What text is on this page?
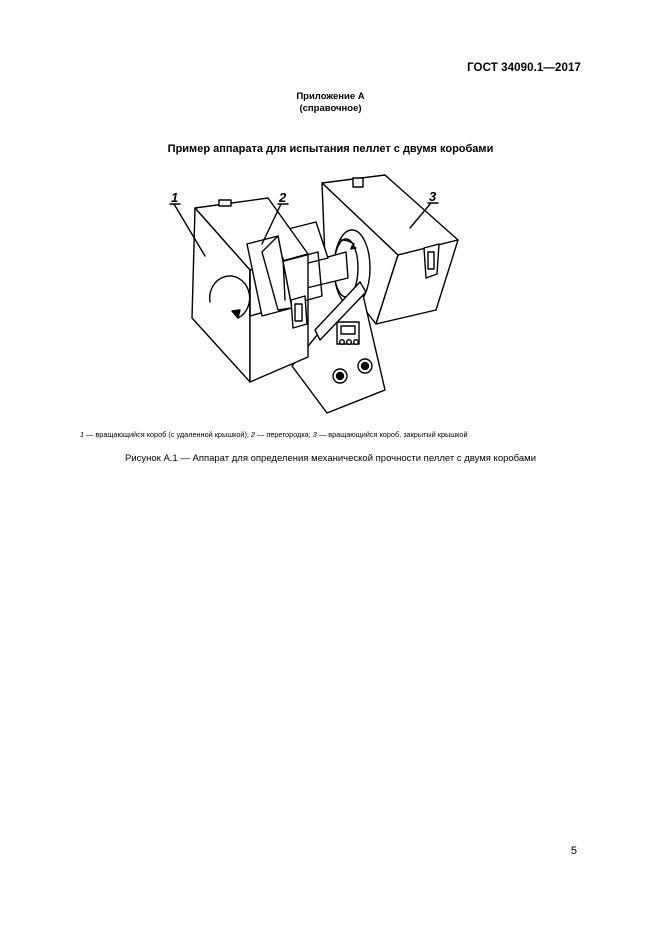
ГОСТ 34090.1—2017
Приложение А
(справочное)
Пример аппарата для испытания пеллет с двумя коробами
1	2	3
1 — вращающийся короб (с удаленной крышкой); 2 — перегородка; 3 — вращающийся короб, закрытый крышкой
Рисунок А.1 — Аппарат для определения механической прочности пеллет с двумя коробами
5
